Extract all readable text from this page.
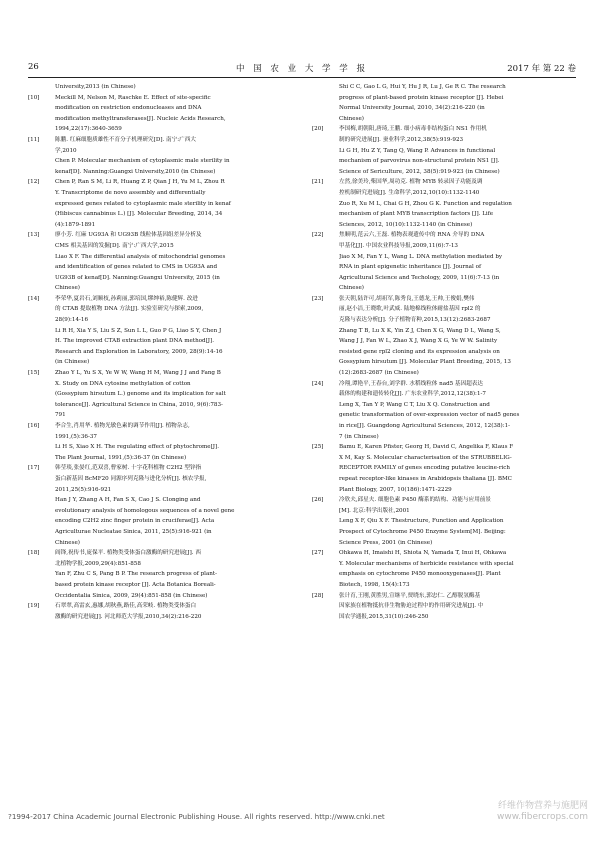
26	中 国 农 业 大 学 学 报	2017 年 第 22 卷
University,2013 (in Chinese)
[10]	Meckill M, Nelson M, Raschke E. Effect of site-specific
modification on restriction endonucleases and DNA
modification methyltransferases[J]. Nucleic Acids Research,
1994,22(17):3640-3659
[11]	陈鹏. 红麻细胞质雄性不育分子机理研究[D]. 南宁:广西大
学,2010
Chen P. Molecular mechanism of cytoplasmic male sterility in
kenaf[D]. Nanning:Guangxi University,2010 (in Chinese)
[12]	Chen P, Ran S M, Li R, Huang Z P, Qian J H, Yu M L, Zhou R
Y. Transcriptome de novo assembly and differentially
expressed genes related to cytoplasmic male sterility in kenaf
(Hibiscus cannabinus L.) [J]. Molecular Breeding, 2014, 34
(4):1879-1891
[13]	廖小芳. 红麻 UG93A 和 UG93B 线粒体基因组差异分析及
CMS 相关基因的发掘[D]. 南宁:广西大学,2015
Liao X F. The differential analysis of mitochondrial genomes
and identification of genes related to CMS in UG93A and
UG93B of kenaf[D]. Nanning:Guangxi University, 2015 (in
Chinese)
[14]	李荣华,夏岩石,刘顺枝,孙莉丽,郭培国,缪绅裕,陈健辉. 改进
的 CTAB 提取植物 DNA 方法[J]. 实验室研究与探索,2009,
28(9):14-16
Li R H, Xia Y S, Liu S Z, Sun L L, Guo P G, Liao S Y, Chen J
H. The improved CTAB extraction plant DNA method[J].
Research and Exploration in Laboratory, 2009, 28(9):14-16
(in Chinese)
[15]	Zhao Y L, Yu S X, Ye W W, Wang H M, Wang J J and Fang B
X. Study on DNA cytosine methylation of cotton
(Gossypium hirsutum L.) genome and its implication for salt
tolerance[J]. Agricultural Science in China, 2010, 9(6):783-
791
[16]	李合生,肖用华. 植物光敏色素的调节作用[J]. 植物杂志,
1991,(5):36-37
Li H S, Xiao X H. The regulating effect of phytochrome[J].
The Plant Journal, 1991,(5):36-37 (in Chinese)
[17]	韩莹琰,张晏红,范双喜,曹家树. 十字花科植物 C2H2 型锌指
蛋白新基因 BcMF20 同源序列克隆与进化分析[J]. 核农学报,
2011,25(5):916-921
Han J Y, Zhang A H, Fan S X, Cao J S. Clonging and
evolutionary analysis of homologous sequences of a novel gene
encoding C2H2 zinc finger protein in cruciferae[J]. Acta
Agriculturae Nucleatae Sinica, 2011, 25(5):916-921 (in
Chinese)
[18]	阎锋,祝传书,庞保平. 植物类受体蛋白激酶的研究进展[J]. 西
北植物学报,2009,29(4):851-858
Yan F, Zhu C S, Pang B P. The research progress of plant-
based protein kinase receptor [J]. Acta Botanica Boreali-
Occidentalia Sinica, 2009, 29(4):851-858 (in Chinese)
[19]	石翠翠,高雷玄,惠娜,胡秋燕,路佳,高荣岐. 植物类受体蛋白
激酶的研究进展[J]. 河北师范大学报,2010,34(2):216-220
Shi C C, Gao L G, Hui Y, Hu J R, Lu J, Ge R C. The research
progress of plant-based protein kinase receptor [J]. Hebei
Normal University Journal, 2010, 34(2):216-220 (in
Chinese)
[20]	李国梅,胡朝阳,唐琦,王鹏. 细小病毒非结构蛋白 NS1 作用机
制的研究进展[J]. 蚕业科学,2012,38(5):919-923
Li G H, Hu Z Y, Tang Q, Wang P. Advances in functional
mechanism of parvovirus non-structural protein NS1 [J].
Science of Sericulture, 2012, 38(5):919-923 (in Chinese)
[21]	左然,徐美玲,柴国华,周功克. 植物 MYB 转录因子功能及调
控机制研究进展[J]. 生命科学,2012,10(10):1132-1140
Zuo R, Xu M L, Chai G H, Zhou G K. Function and regulation
mechanism of plant MYB transcription factors [J]. Life
Sciences, 2012, 10(10):1132-1140 (in Chinese)
[22]	焦顺明,范云六,王磊. 植物表观遗传中的 RNA 介导的 DNA
甲基化[J]. 中国农业科技导报,2009,11(6):7-13
Jiao X M, Fan Y L, Wang L. DNA methylation mediated by
RNA in plant epigenetic inheritance [J]. Journal of
Agricultural Science and Techology, 2009, 11(6):7-13 (in
Chinese)
[23]	张天朝,陆许可,胡祖军,陈秀良,王德龙,王帅,王俊娟,樊伟
丽,赵小洁,王晓歌,叶武威. 陆地棉线粒体耐盐基因 rpl2 的
克隆与表达分析[J]. 分子植物育种,2015,13(12):2683-2687
Zhang T B, Lu X K, Yin Z J, Chen X G, Wang D L, Wang S,
Wang J J, Fan W L, Zhao X J, Wang X G, Ye W W. Salinity
resisted gene rpl2 cloning and its expression analysis on
Gossypium hirsutum [J]. Molecular Plant Breeding, 2015, 13
(12):2683-2687 (in Chinese)
[24]	冷翔,谭艳平,王春台,刘学群. 水稻线粒体 nad5 基因超表达
载体的构建和遗传转化[J]. 广东农业科学,2012,12(38):1-7
Leng X, Tan Y P, Wang C T, Liu X Q. Construction and
genetic transformation of over-expression vector of nad5 genes
in rice[J]. Guangdong Agricultural Sciences, 2012, 12(38):1-
7 (in Chinese)
[25]	Bamu E, Karen Pfister, Georg H, David C, Angelika F, Klaus F
X M, Kay S. Molecular characterisation of the STRUBBELIG-
RECEPTOR FAMILY of genes encoding putative leucine-rich
repeat receptor-like kinases in Arabidopsis thaliana [J]. BMC
Plant Biology, 2007, 10(186):1471-2229
[26]	冷欣夫,邱星夫. 细胞色素 P450 酶系的结构、功能与应用前景
[M]. 北京:科学出版社,2001
Leng X F, Qiu X F. Thestructure, Function and Application
Prospect of Cytochrome P450 Enzyme System[M]. Beijing:
Science Press, 2001 (in Chinese)
[27]	Ohkawa H, Imaishi H, Shiota N, Yamada T, Inui H, Ohkawa
Y. Molecular mechanisms of herbicide resistance with special
emphasis on cytochrome P450 monooxygenases[J]. Plant
Biotech, 1998, 15(4):173
[28]	张计育,王刚,黄胜男,宣继平,贾晓东,郭忠仁. 乙醇脱氢酶基
因家族在植物抵抗非生物胁迫过程中的作用研究进展[J]. 中
国农学通报,2015,31(10):246-250
?1994-2017 China Academic Journal Electronic Publishing House. All rights reserved. http://www.cnki.net
纤维作物营养与施肥网
www.fibercrops.com
